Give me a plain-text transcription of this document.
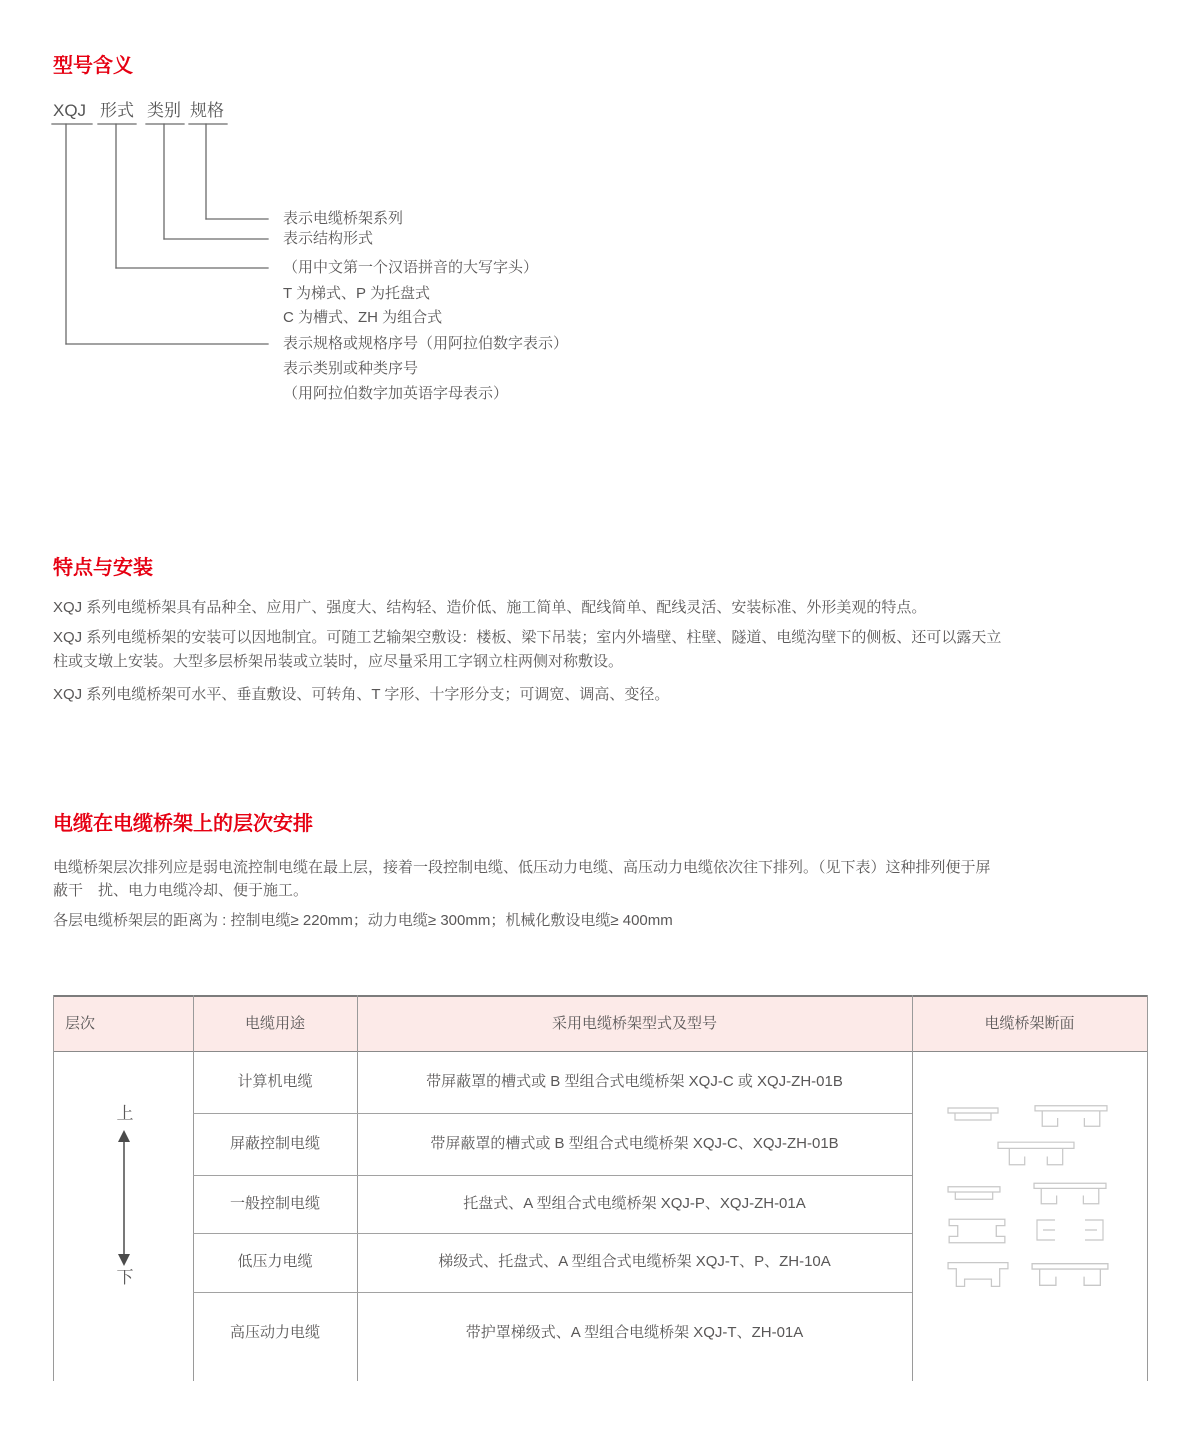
型号含义
XQJ 形式 类别 规格
表示电缆桥架系列
表示结构形式
（用中文第一个汉语拼音的大写字头）
T 为梯式、P 为托盘式
C 为槽式、ZH 为组合式
表示规格或规格序号（用阿拉伯数字表示）
表示类别或种类序号
（用阿拉伯数字加英语字母表示）
特点与安装
XQJ 系列电缆桥架具有品种全、应用广、强度大、结构轻、造价低、施工简单、配线简单、配线灵活、安装标准、外形美观的特点。
XQJ 系列电缆桥架的安装可以因地制宜。可随工艺输架空敷设：楼板、梁下吊装；室内外墙壁、柱壁、隧道、电缆沟壁下的侧板、还可以露天立
柱或支墩上安装。大型多层桥架吊装或立装时，应尽量采用工字钢立柱两侧对称敷设。
XQJ 系列电缆桥架可水平、垂直敷设、可转角、T 字形、十字形分支；可调宽、调高、变径。
电缆在电缆桥架上的层次安排
电缆桥架层次排列应是弱电流控制电缆在最上层，接着一段控制电缆、低压动力电缆、高压动力电缆依次往下排列。（见下表）这种排列便于屏
蔽干　扰、电力电缆冷却、便于施工。
各层电缆桥架层的距离为 : 控制电缆≥ 220mm；动力电缆≥ 300mm；机械化敷设电缆≥ 400mm
层次	电缆用途	采用电缆桥架型式及型号	电缆桥架断面
上
下
计算机电缆	带屏蔽罩的槽式或 B 型组合式电缆桥架 XQJ-C 或 XQJ-ZH-01B
屏蔽控制电缆	带屏蔽罩的槽式或 B 型组合式电缆桥架 XQJ-C、XQJ-ZH-01B
一般控制电缆	托盘式、A 型组合式电缆桥架 XQJ-P、XQJ-ZH-01A
低压力电缆	梯级式、托盘式、A 型组合式电缆桥架 XQJ-T、P、ZH-10A
高压动力电缆	带护罩梯级式、A 型组合电缆桥架 XQJ-T、ZH-01A
